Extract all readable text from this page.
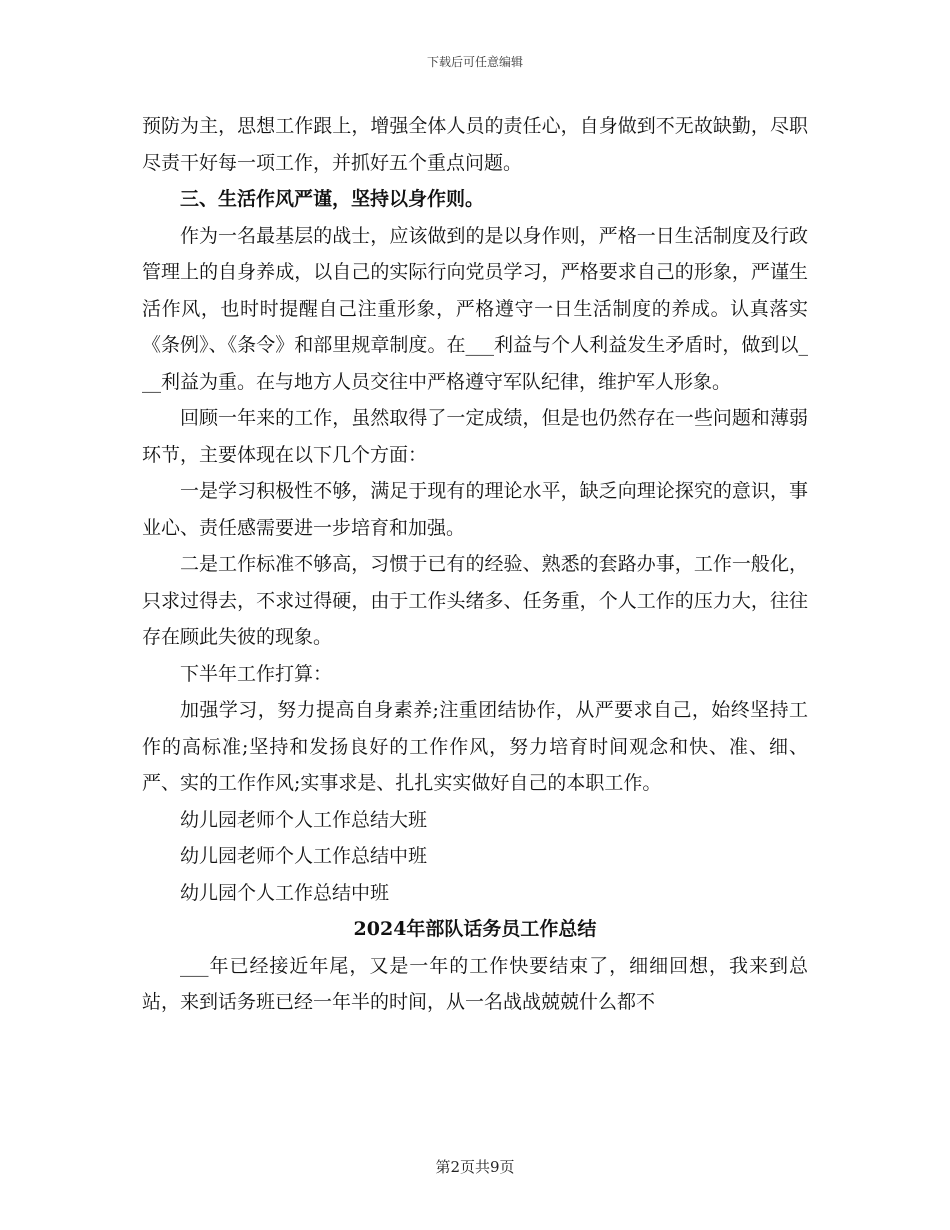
下载后可任意编辑

预防为主，思想工作跟上，增强全体人员的责任心，自身做到不无故缺勤，尽职尽责干好每一项工作，并抓好五个重点问题。

三、生活作风严谨，坚持以身作则。

作为一名最基层的战士，应该做到的是以身作则，严格一日生活制度及行政管理上的自身养成，以自己的实际行向党员学习，严格要求自己的形象，严谨生活作风，也时时提醒自己注重形象，严格遵守一日生活制度的养成。认真落实《条例》、《条令》和部里规章制度。在___利益与个人利益发生矛盾时，做到以___利益为重。在与地方人员交往中严格遵守军队纪律，维护军人形象。

回顾一年来的工作，虽然取得了一定成绩，但是也仍然存在一些问题和薄弱环节，主要体现在以下几个方面：

一是学习积极性不够，满足于现有的理论水平，缺乏向理论探究的意识，事业心、责任感需要进一步培育和加强。

二是工作标准不够高，习惯于已有的经验、熟悉的套路办事，工作一般化，只求过得去，不求过得硬，由于工作头绪多、任务重，个人工作的压力大，往往存在顾此失彼的现象。

下半年工作打算：

加强学习，努力提高自身素养;注重团结协作，从严要求自己，始终坚持工作的高标准;坚持和发扬良好的工作作风，努力培育时间观念和快、准、细、严、实的工作作风;实事求是、扎扎实实做好自己的本职工作。

幼儿园老师个人工作总结大班

幼儿园老师个人工作总结中班

幼儿园个人工作总结中班

2024年部队话务员工作总结

___年已经接近年尾，又是一年的工作快要结束了，细细回想，我来到总站，来到话务班已经一年半的时间，从一名战战兢兢什么都不

第2页共9页
